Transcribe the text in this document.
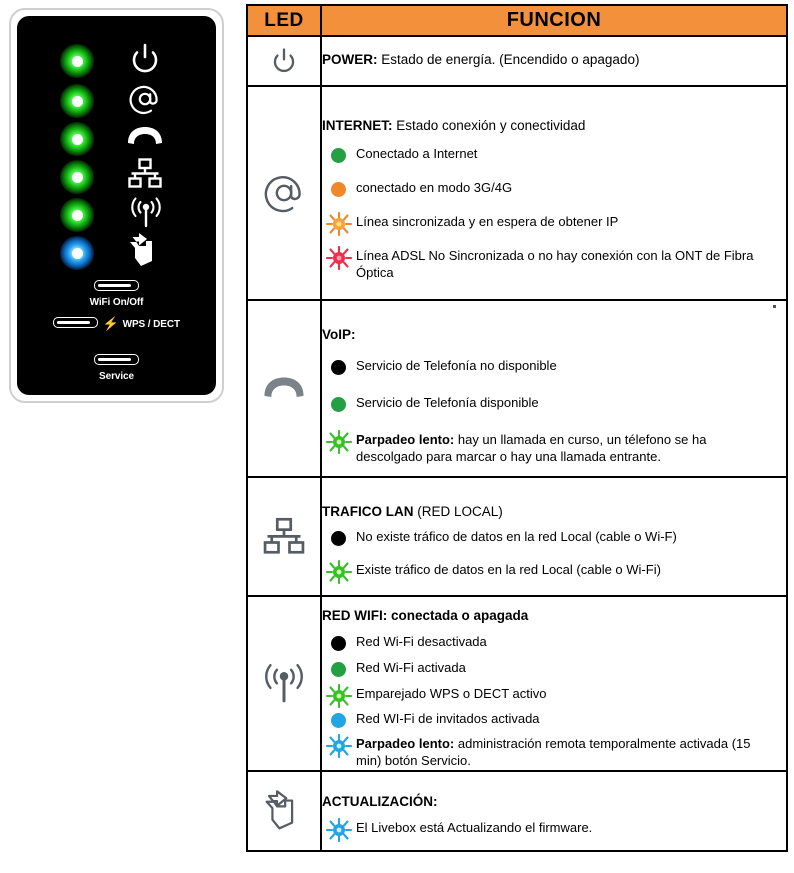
WiFi On/Off

⚡ WPS / DECT
Service
LED	FUNCION

POWER: Estado de energía. (Encendido o apagado)

INTERNET: Estado conexión y conectividad

Conectado a Internet
conectado en modo 3G/4G
Línea sincronizada y en espera de obtener IP
Línea ADSL No Sincronizada o no hay conexión con la ONT de Fibra Óptica

VoIP:

Servicio de Telefonía no disponible
Servicio de Telefonía disponible
Parpadeo lento: hay un llamada en curso, un télefono se ha descolgado para marcar o hay una llamada entrante.

TRAFICO LAN (RED LOCAL)

No existe tráfico de datos en la red Local (cable o Wi-F)
Existe tráfico de datos en la red Local (cable o Wi-Fi)

RED WIFI: conectada o apagada

Red Wi-Fi desactivada
Red Wi-Fi activada
Emparejado WPS o DECT activo
Red WI-Fi de invitados activada
Parpadeo lento: administración remota temporalmente activada (15 min) botón Servicio.

ACTUALIZACIÓN:

El Livebox está Actualizando el firmware.
